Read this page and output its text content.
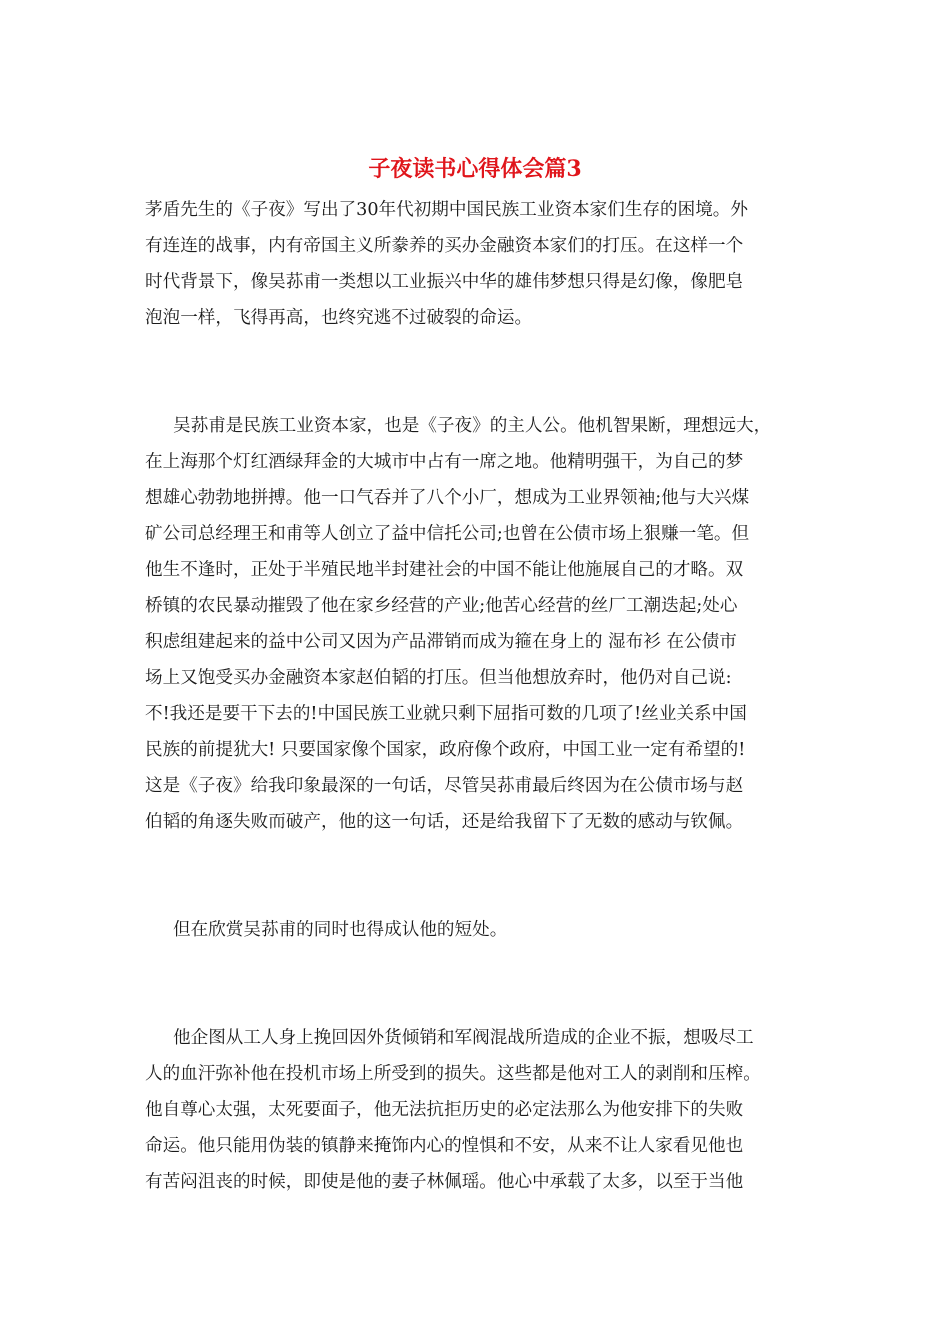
子夜读书心得体会篇3

茅盾先生的《子夜》写出了30年代初期中国民族工业资本家们生存的困境。外

有连连的战事，内有帝国主义所豢养的买办金融资本家们的打压。在这样一个

时代背景下，像吴荪甫一类想以工业振兴中华的雄伟梦想只得是幻像，像肥皂

泡泡一样，飞得再高，也终究逃不过破裂的命运。

吴荪甫是民族工业资本家，也是《子夜》的主人公。他机智果断，理想远大，

在上海那个灯红酒绿拜金的大城市中占有一席之地。他精明强干，为自己的梦

想雄心勃勃地拼搏。他一口气吞并了八个小厂，想成为工业界领袖;他与大兴煤

矿公司总经理王和甫等人创立了益中信托公司;也曾在公债市场上狠赚一笔。但

他生不逢时，正处于半殖民地半封建社会的中国不能让他施展自己的才略。双

桥镇的农民暴动摧毁了他在家乡经营的产业;他苦心经营的丝厂工潮迭起;处心

积虑组建起来的益中公司又因为产品滞销而成为箍在身上的 湿布衫 在公债市

场上又饱受买办金融资本家赵伯韬的打压。但当他想放弃时，他仍对自己说:

不!我还是要干下去的!中国民族工业就只剩下屈指可数的几项了!丝业关系中国

民族的前提犹大! 只要国家像个国家，政府像个政府，中国工业一定有希望的!

这是《子夜》给我印象最深的一句话，尽管吴荪甫最后终因为在公债市场与赵

伯韬的角逐失败而破产，他的这一句话，还是给我留下了无数的感动与钦佩。

但在欣赏吴荪甫的同时也得成认他的短处。

他企图从工人身上挽回因外货倾销和军阀混战所造成的企业不振，想吸尽工

人的血汗弥补他在投机市场上所受到的损失。这些都是他对工人的剥削和压榨。

他自尊心太强，太死要面子，他无法抗拒历史的必定法那么为他安排下的失败

命运。他只能用伪装的镇静来掩饰内心的惶惧和不安，从来不让人家看见他也

有苦闷沮丧的时候，即使是他的妻子林佩瑶。他心中承载了太多，以至于当他
